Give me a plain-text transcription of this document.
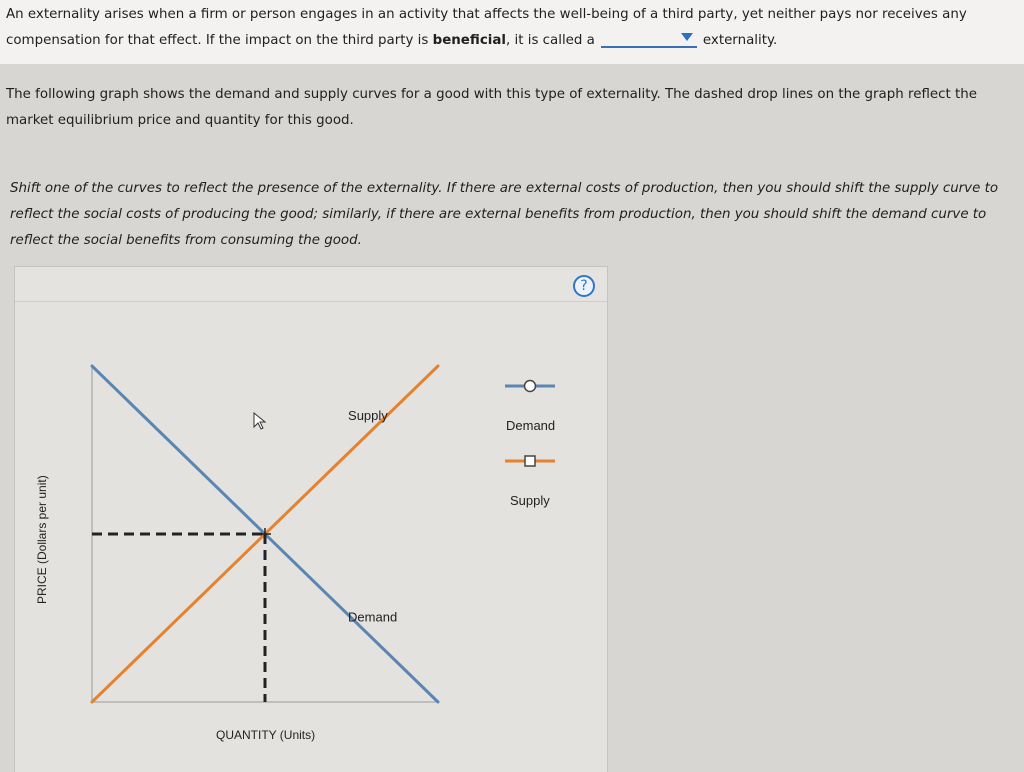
An externality arises when a firm or person engages in an activity that affects the well-being of a third party, yet neither pays nor receives any compensation for that effect. If the impact on the third party is beneficial, it is called a	externality.

The following graph shows the demand and supply curves for a good with this type of externality. The dashed drop lines on the graph reflect the market equilibrium price and quantity for this good.

Shift one of the curves to reflect the presence of the externality. If there are external costs of production, then you should shift the supply curve to reflect the social costs of producing the good; similarly, if there are external benefits from production, then you should shift the demand curve to reflect the social benefits from consuming the good.

?
Supply
Demand
QUANTITY (Units)
PRICE (Dollars per unit)
Demand
Supply
